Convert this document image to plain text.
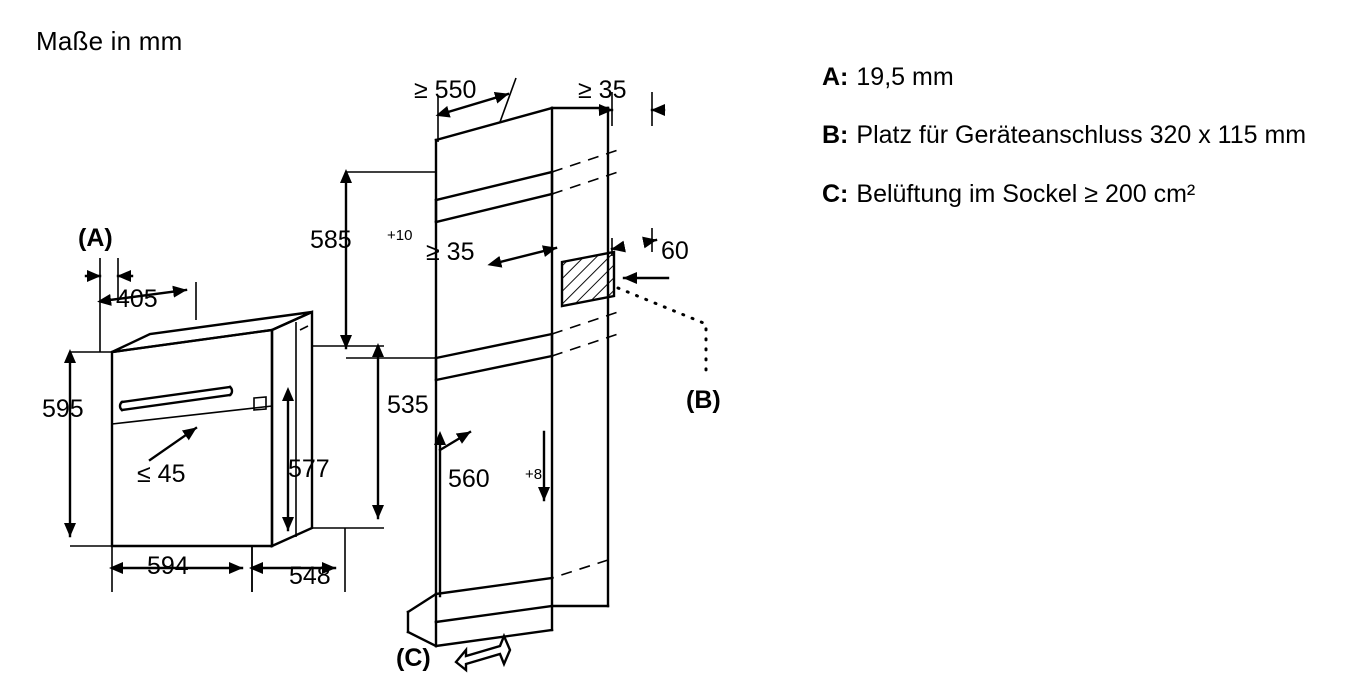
Maße in mm
A: 19,5 mm
B: Platz für Geräteanschluss 320 x 115 mm
C: Belüftung im Sockel ≥ 200 cm²
≤ 45
(A)
405
595
577
535
594	548
60
(B)
≥ 550	≥ 35
≥ 35
585 +10
560 +8
(C)
